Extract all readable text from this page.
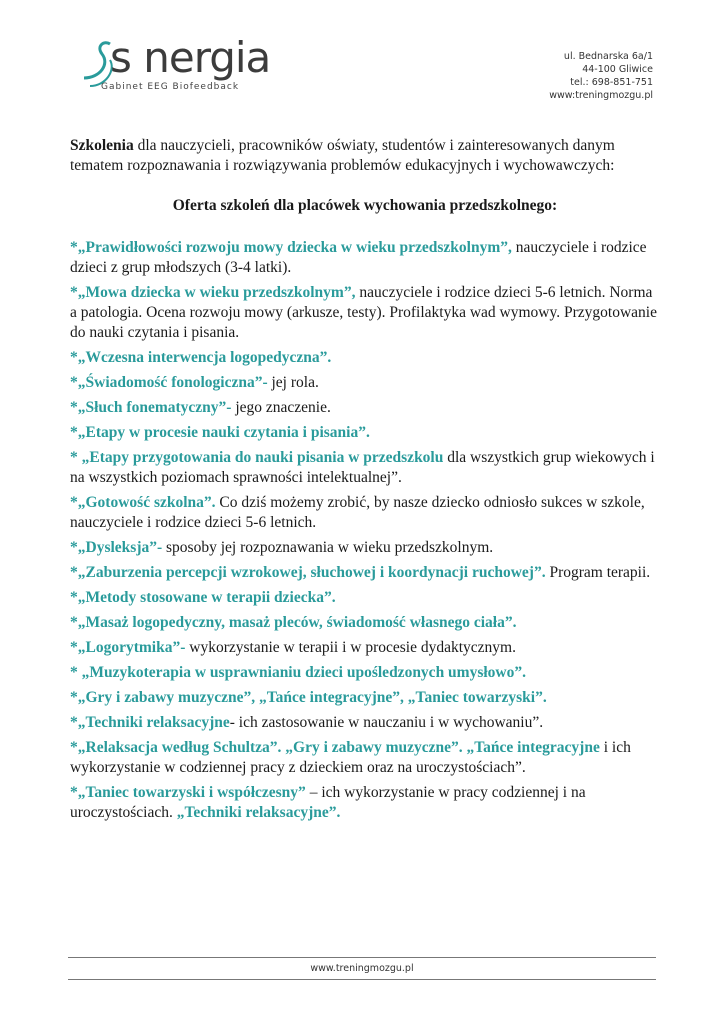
s nergia
Gabinet EEG Biofeedback
ul. Bednarska 6a/1
44-100 Gliwice
tel.: 698-851-751
www:treningmozgu.pl

Szkolenia dla nauczycieli, pracowników oświaty, studentów i zainteresowanych danym tematem rozpoznawania i rozwiązywania problemów edukacyjnych i wychowawczych:

Oferta szkoleń dla placówek wychowania przedszkolnego:

*„Prawidłowości rozwoju mowy dziecka w wieku przedszkolnym”, nauczyciele i rodzice dzieci z grup młodszych (3-4 latki).

*„Mowa dziecka w wieku przedszkolnym”, nauczyciele i rodzice dzieci 5-6 letnich. Norma a patologia. Ocena rozwoju mowy (arkusze, testy). Profilaktyka wad wymowy. Przygotowanie do nauki czytania i pisania.

*„Wczesna interwencja logopedyczna”.

*„Świadomość fonologiczna”- jej rola.

*„Słuch fonematyczny”- jego znaczenie.

*„Etapy w procesie nauki czytania i pisania”.

* „Etapy przygotowania do nauki pisania w przedszkolu dla wszystkich grup wiekowych i na wszystkich poziomach sprawności intelektualnej”.

*„Gotowość szkolna”. Co dziś możemy zrobić, by nasze dziecko odniosło sukces w szkole, nauczyciele i rodzice dzieci 5-6 letnich.

*„Dysleksja”- sposoby jej rozpoznawania w wieku przedszkolnym.

*„Zaburzenia percepcji wzrokowej, słuchowej i koordynacji ruchowej”. Program terapii.

*„Metody stosowane w terapii dziecka”.

*„Masaż logopedyczny, masaż pleców, świadomość własnego ciała”.

*„Logorytmika”- wykorzystanie w terapii i w procesie dydaktycznym.

* „Muzykoterapia w usprawnianiu dzieci upośledzonych umysłowo”.

*„Gry i zabawy muzyczne”, „Tańce integracyjne”, „Taniec towarzyski”.

*„Techniki relaksacyjne- ich zastosowanie w nauczaniu i w wychowaniu”.

*„Relaksacja według Schultza”. „Gry i zabawy muzyczne”. „Tańce integracyjne i ich wykorzystanie w codziennej pracy z dzieckiem oraz na uroczystościach”.

*„Taniec towarzyski i współczesny” – ich wykorzystanie w pracy codziennej i na uroczystościach. „Techniki relaksacyjne”.

www.treningmozgu.pl
